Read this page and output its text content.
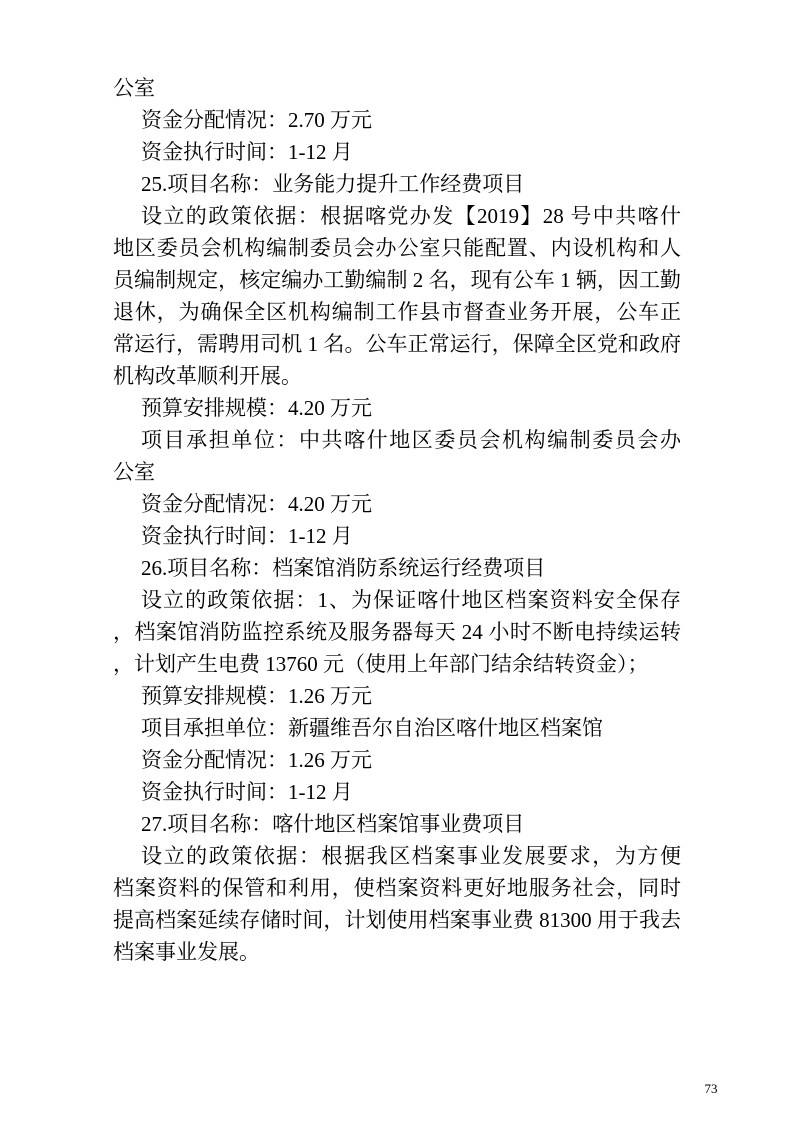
公室
资金分配情况：2.70 万元
资金执行时间：1-12 月
25.项目名称：业务能力提升工作经费项目
设立的政策依据：根据喀党办发【2019】28 号中共喀什
地区委员会机构编制委员会办公室只能配置、内设机构和人
员编制规定，核定编办工勤编制 2 名，现有公车 1 辆，因工勤
退休，为确保全区机构编制工作县市督查业务开展，公车正
常运行，需聘用司机 1 名。公车正常运行，保障全区党和政府
机构改革顺利开展。
预算安排规模：4.20 万元
项目承担单位：中共喀什地区委员会机构编制委员会办
公室
资金分配情况：4.20 万元
资金执行时间：1-12 月
26.项目名称：档案馆消防系统运行经费项目
设立的政策依据：1、为保证喀什地区档案资料安全保存
，档案馆消防监控系统及服务器每天 24 小时不断电持续运转
，计划产生电费 13760 元（使用上年部门结余结转资金）；
预算安排规模：1.26 万元
项目承担单位：新疆维吾尔自治区喀什地区档案馆
资金分配情况：1.26 万元
资金执行时间：1-12 月
27.项目名称：喀什地区档案馆事业费项目
设立的政策依据：根据我区档案事业发展要求，为方便
档案资料的保管和利用，使档案资料更好地服务社会，同时
提高档案延续存储时间，计划使用档案事业费 81300 用于我去
档案事业发展。
73
